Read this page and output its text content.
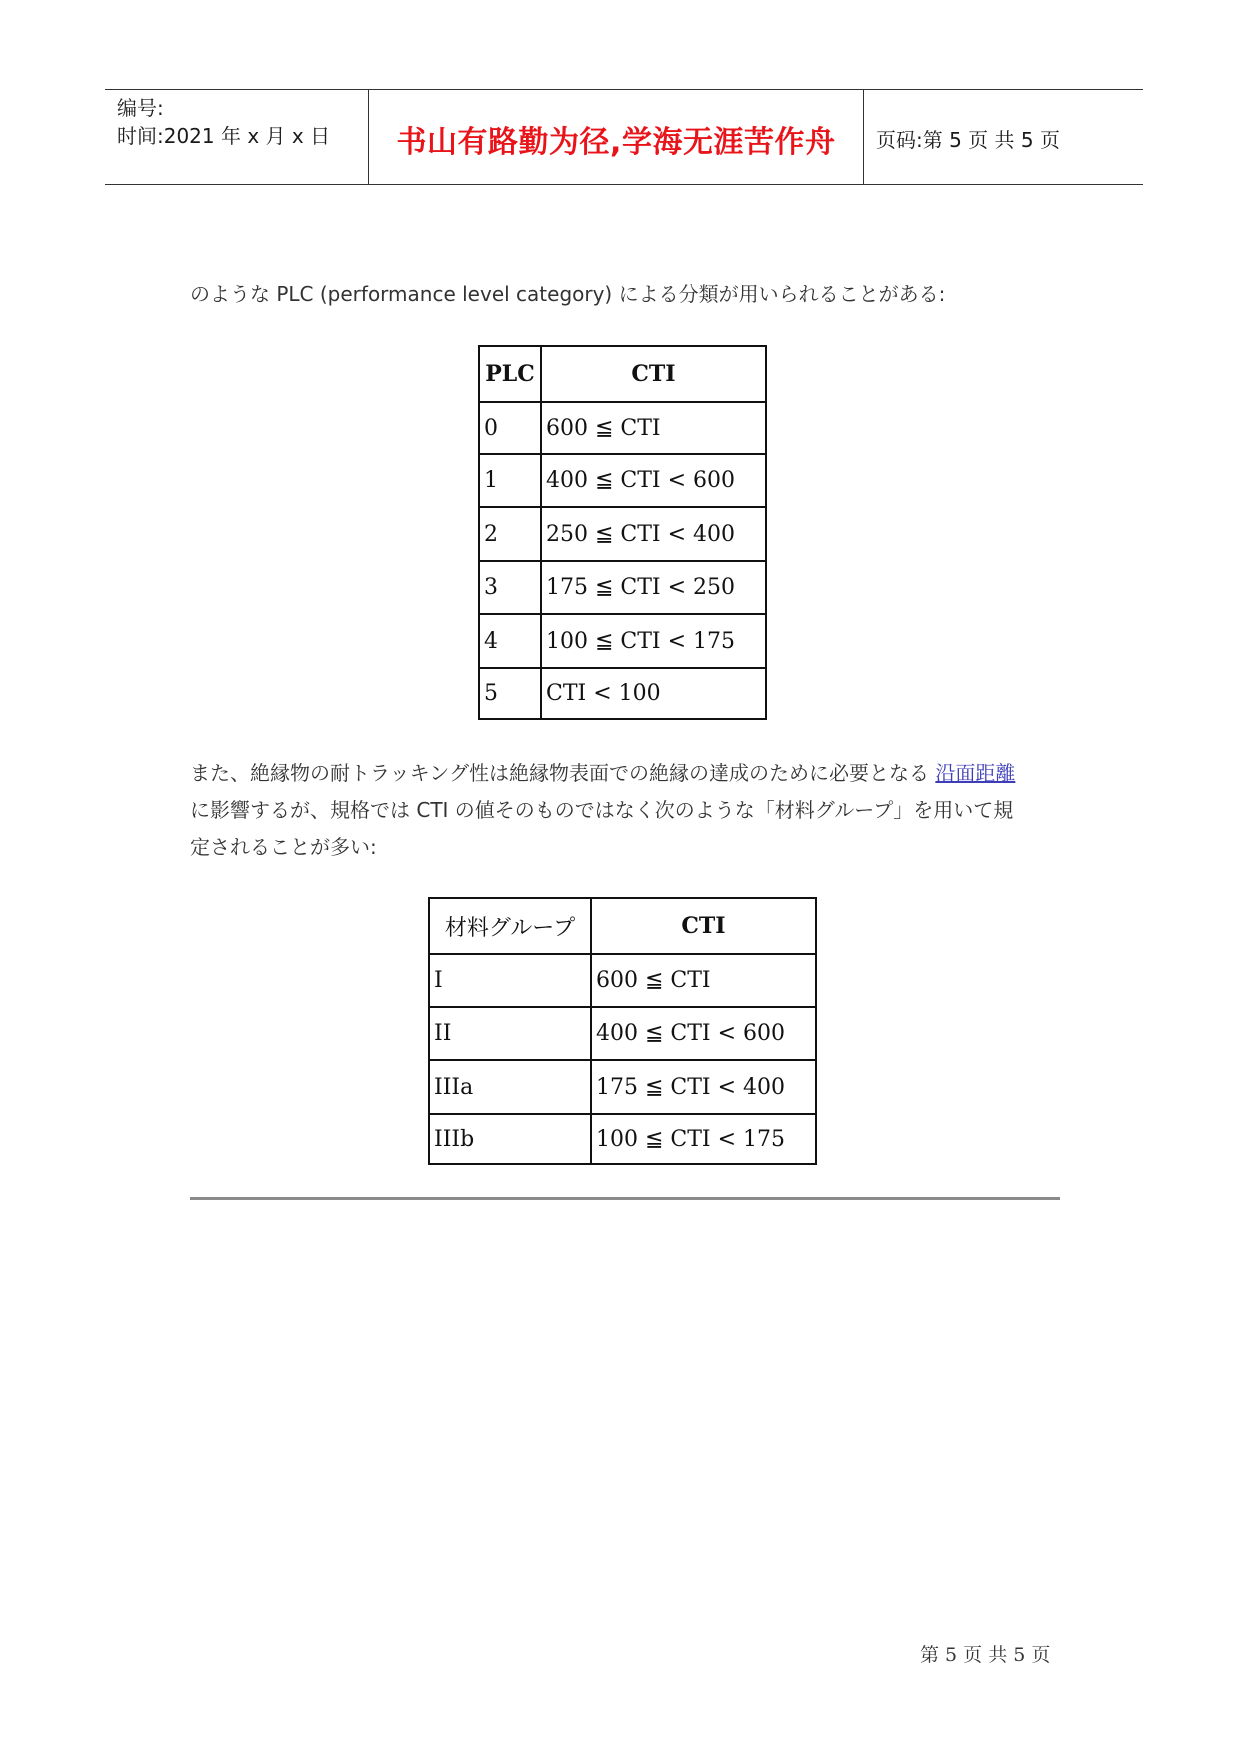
编号:
时间:2021 年 x 月 x 日	书山有路勤为径,学海无涯苦作舟	页码:第 5 页 共 5 页
のような PLC (performance level category) による分類が用いられることがある:
PLC	CTI
0	600 ≦ CTI
1	400 ≦ CTI < 600
2	250 ≦ CTI < 400
3	175 ≦ CTI < 250
4	100 ≦ CTI < 175
5	CTI < 100
また、絶縁物の耐トラッキング性は絶縁物表面での絶縁の達成のために必要となる 沿面距離
に影響するが、規格では CTI の値そのものではなく次のような「材料グループ」を用いて規
定されることが多い:
材料グループ	CTI
I	600 ≦ CTI
II	400 ≦ CTI < 600
IIIa	175 ≦ CTI < 400
IIIb	100 ≦ CTI < 175
第 5 页 共 5 页
